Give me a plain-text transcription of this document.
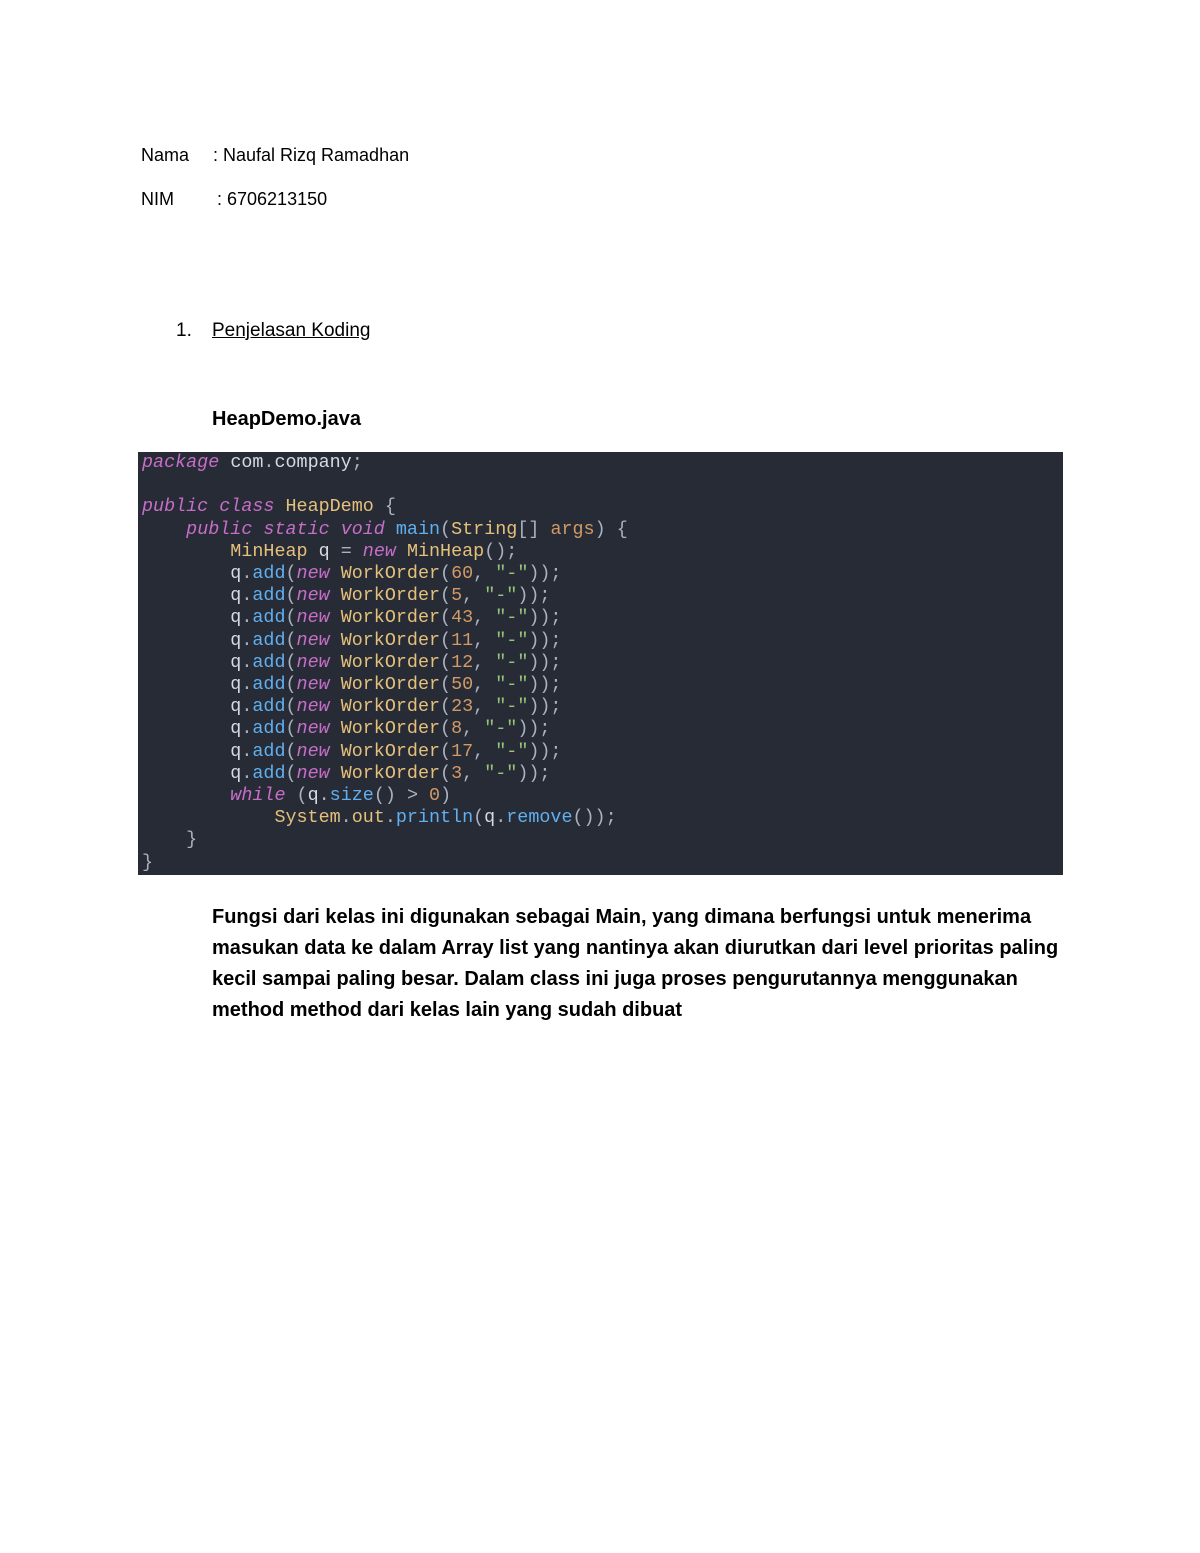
Nama : Naufal Rizq Ramadhan
NIM : 6706213150
1. Penjelasan Koding
HeapDemo.java
package com.company;

public class HeapDemo {
public static void main(String[] args) {
MinHeap q = new MinHeap();
q.add(new WorkOrder(60, "-"));
q.add(new WorkOrder(5, "-"));
q.add(new WorkOrder(43, "-"));
q.add(new WorkOrder(11, "-"));
q.add(new WorkOrder(12, "-"));
q.add(new WorkOrder(50, "-"));
q.add(new WorkOrder(23, "-"));
q.add(new WorkOrder(8, "-"));
q.add(new WorkOrder(17, "-"));
q.add(new WorkOrder(3, "-"));
while (q.size() > 0)
System.out.println(q.remove());
}
}
Fungsi dari kelas ini digunakan sebagai Main, yang dimana berfungsi untuk menerima masukan data ke dalam Array list yang nantinya akan diurutkan dari level prioritas paling kecil sampai paling besar. Dalam class ini juga proses pengurutannya menggunakan method method dari kelas lain yang sudah dibuat
